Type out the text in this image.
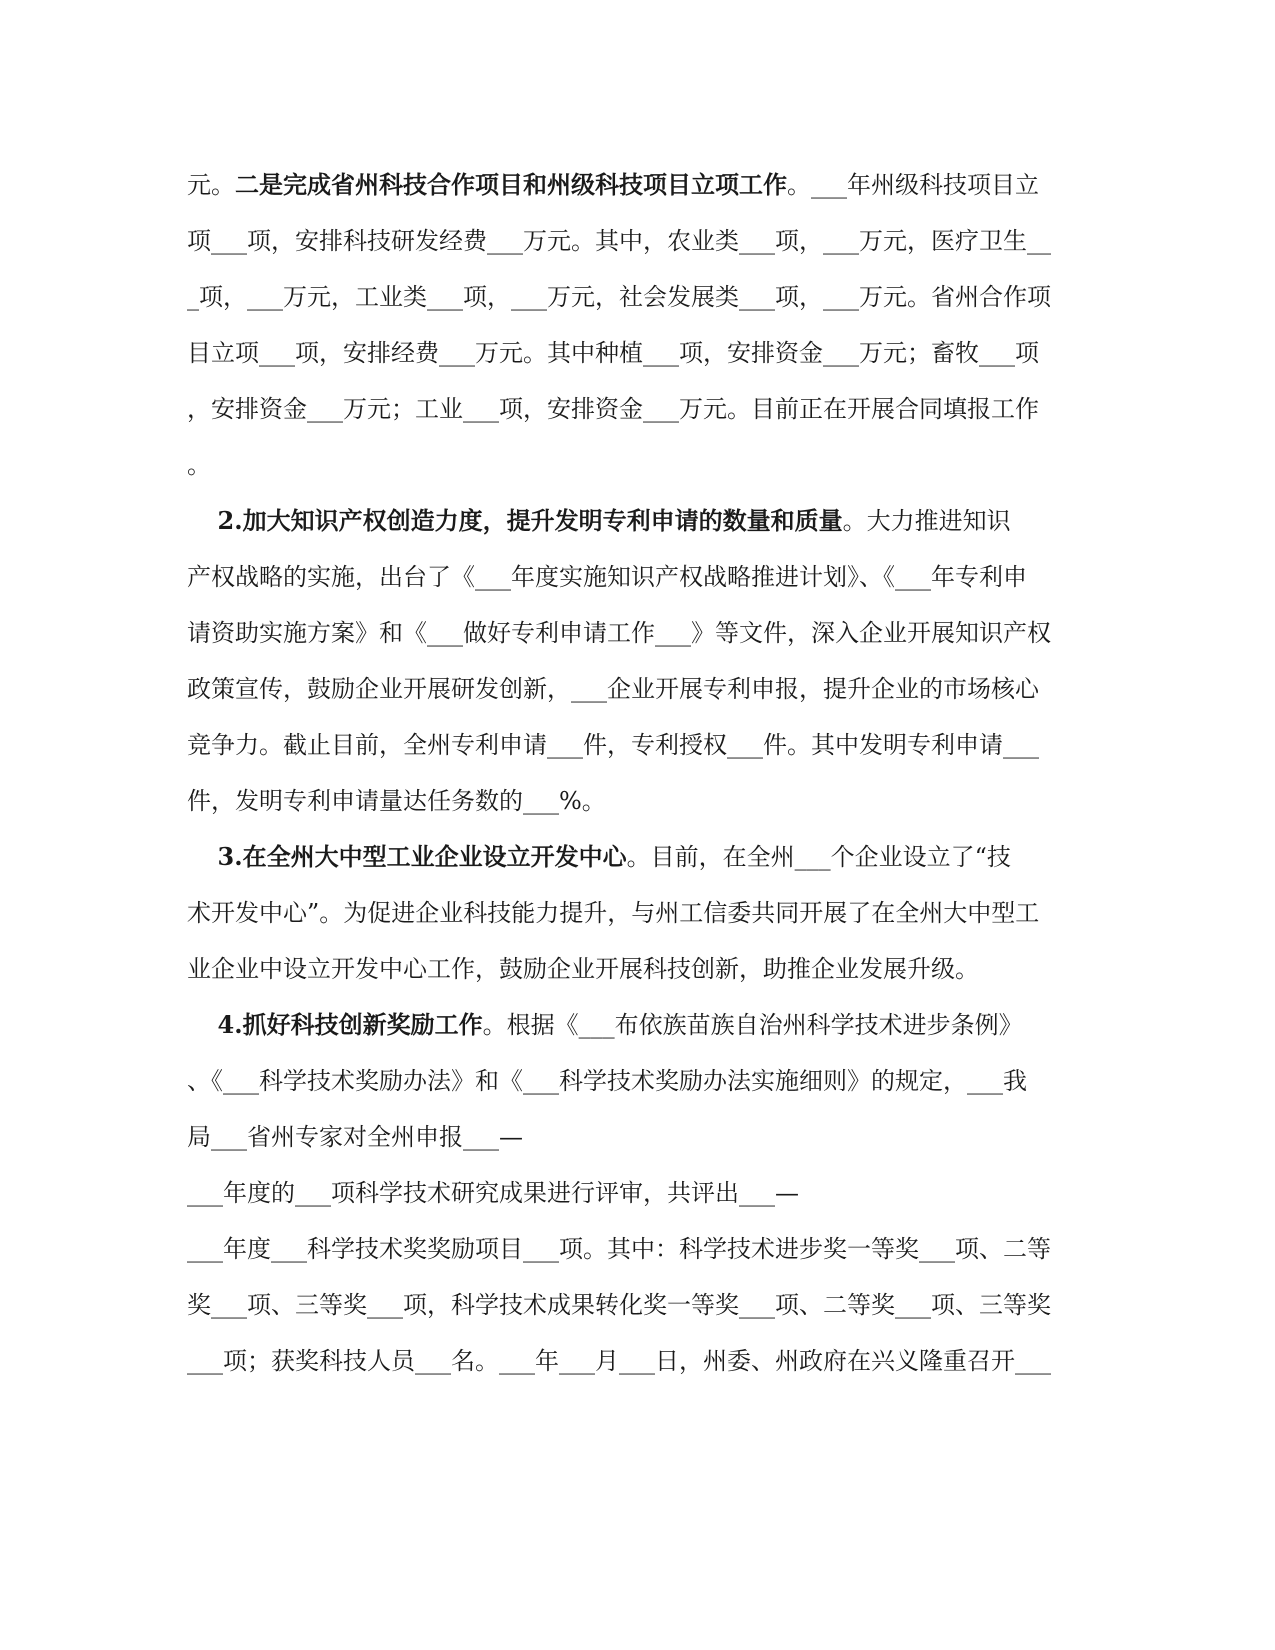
元。二是完成省州科技合作项目和州级科技项目立项工作。___年州级科技项目立
项___项，安排科技研发经费___万元。其中，农业类___项，___万元，医疗卫生__
_项，___万元，工业类___项，___万元，社会发展类___项，___万元。省州合作项
目立项___项，安排经费___万元。其中种植___项，安排资金___万元；畜牧___项
，安排资金___万元；工业___项，安排资金___万元。目前正在开展合同填报工作
。
2.加大知识产权创造力度，提升发明专利申请的数量和质量。大力推进知识
产权战略的实施，出台了《___年度实施知识产权战略推进计划》、《___年专利申
请资助实施方案》和《___做好专利申请工作___》等文件，深入企业开展知识产权
政策宣传，鼓励企业开展研发创新，___企业开展专利申报，提升企业的市场核心
竞争力。截止目前，全州专利申请___件，专利授权___件。其中发明专利申请___
件，发明专利申请量达任务数的___%。
3.在全州大中型工业企业设立开发中心。目前，在全州___个企业设立了“技
术开发中心”。为促进企业科技能力提升，与州工信委共同开展了在全州大中型工
业企业中设立开发中心工作，鼓励企业开展科技创新，助推企业发展升级。
4.抓好科技创新奖励工作。根据《___布依族苗族自治州科学技术进步条例》
、《___科学技术奖励办法》和《___科学技术奖励办法实施细则》的规定，___我
局___省州专家对全州申报___—
___年度的___项科学技术研究成果进行评审，共评出___—
___年度___科学技术奖奖励项目___项。其中：科学技术进步奖一等奖___项、二等
奖___项、三等奖___项，科学技术成果转化奖一等奖___项、二等奖___项、三等奖
___项；获奖科技人员___名。___年___月___日，州委、州政府在兴义隆重召开___
